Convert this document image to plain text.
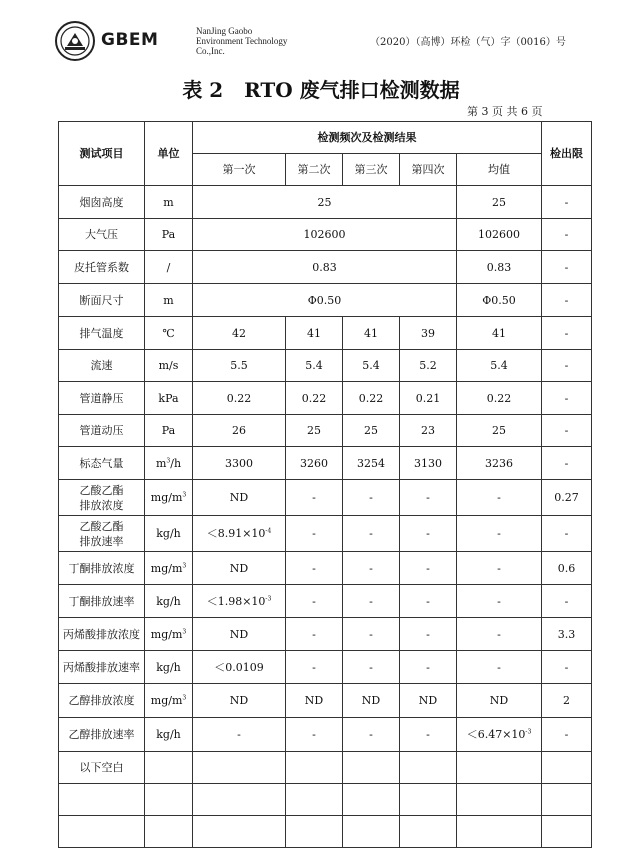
GBEM	NanJing Gaobo
Environment Technology
Co.,Inc.
（2020）（高博）环检（气）字（0016）号
表 2   RTO 废气排口检测数据
第 3 页 共 6 页
测试项目	单位	检测频次及检测结果					检出限
		第一次	第二次	第三次	第四次	均值	
烟囱高度	m	25				25	-
大气压	Pa	102600				102600	-
皮托管系数	/	0.83				0.83	-
断面尺寸	m	Φ0.50				Φ0.50	-
排气温度	℃	42	41	41	39	41	-
流速	m/s	5.5	5.4	5.4	5.2	5.4	-
管道静压	kPa	0.22	0.22	0.22	0.21	0.22	-
管道动压	Pa	26	25	25	23	25	-
标态气量	$m^3/h$	3300	3260	3254	3130	3236	-
乙酸乙酯
排放浓度	$mg/m^3$	ND	-	-	-	-	0.27
乙酸乙酯
排放速率	kg/h	$<8.91\times 10^{-4}$	-	-	-	-	-
丁酮排放浓度	$mg/m^3$	ND	-	-	-	-	0.6
丁酮排放速率	kg/h	$<1.98\times 10^{-3}$	-	-	-	-	-
丙烯酸排放浓度	$mg/m^3$	ND	-	-	-	-	3.3
丙烯酸排放速率	kg/h	＜0.0109	-	-	-	-	-
乙醇排放浓度	$mg/m^3$	ND	ND	ND	ND	ND	2
乙醇排放速率	kg/h	-	-	-	-	$<6.47\times 10^{-3}$	-
以下空白							
